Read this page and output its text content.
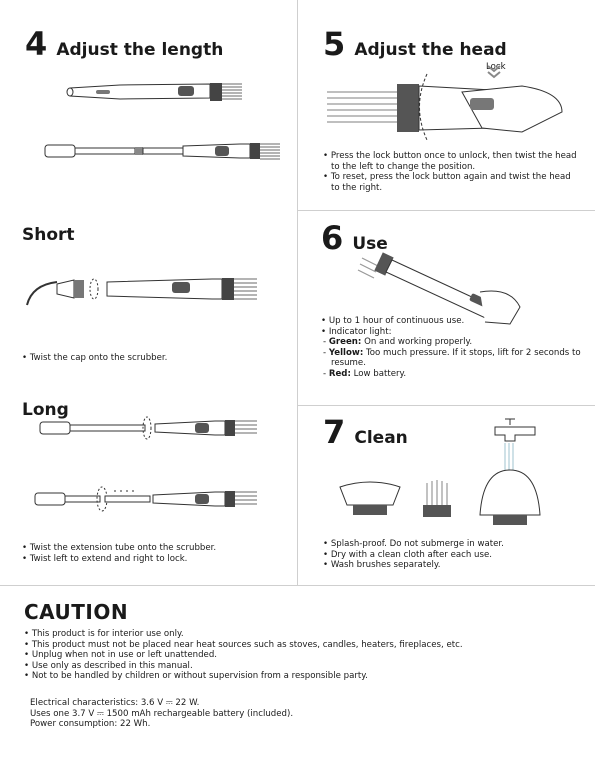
4 Adjust the length	5 Adjust the head
Lock
• Press the lock button once to unlock, then twist the head to the left to change the position.
• To reset, press the lock button again and twist the head to the right.
Short
• Twist the cap onto the scrubber.
6 Use
• Up to 1 hour of continuous use.
• Indicator light:
- Green: On and working properly.
- Yellow: Too much pressure. If it stops, lift for 2 seconds to resume.
- Red: Low battery.
Long
• Twist the extension tube onto the scrubber.
• Twist left to extend and right to lock.
7 Clean
• Splash-proof. Do not submerge in water.
• Dry with a clean cloth after each use.
• Wash brushes separately.
CAUTION
• This product is for interior use only.
• This product must not be placed near heat sources such as stoves, candles, heaters, fireplaces, etc.
• Unplug when not in use or left unattended.
• Use only as described in this manual.
• Not to be handled by children or without supervision from a responsible party.
Electrical characteristics: 3.6 V ⎓ 22 W.
Uses one 3.7 V ⎓ 1500 mAh rechargeable battery (included).
Power consumption: 22 Wh.
